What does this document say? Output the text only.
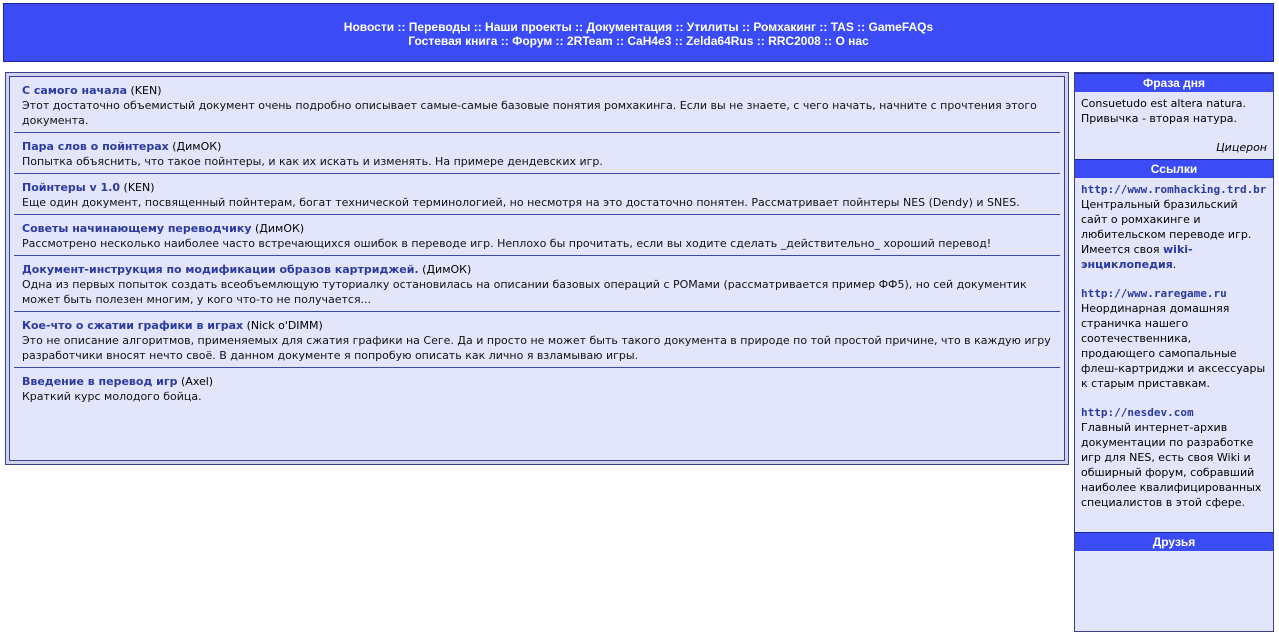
Новости :: Переводы :: Наши проекты :: Документация :: Утилиты :: Ромхакинг :: TAS :: GameFAQs
Гостевая книга :: Форум :: 2RTeam :: CaH4e3 :: Zelda64Rus :: RRC2008 :: О нас
С самого начала (KEN)
Этот достаточно объемистый документ очень подробно описывает самые-самые базовые понятия ромхакинга. Если вы не знаете, с чего начать, начните с прочтения этого документа.
Пара слов о пойнтерах (ДимОК)
Попытка объяснить, что такое пойнтеры, и как их искать и изменять. На примере дендевских игр.
Пойнтеры v 1.0 (KEN)
Еще один документ, посвященный пойнтерам, богат технической терминологией, но несмотря на это достаточно понятен. Рассматривает пойнтеры NES (Dendy) и SNES.
Советы начинающему переводчику (ДимОК)
Рассмотрено несколько наиболее часто встречающихся ошибок в переводе игр. Неплохо бы прочитать, если вы ходите сделать _действительно_ хороший перевод!
Документ-инструкция по модификации образов картриджей. (ДимОК)
Одна из первых попыток создать всеобъемлющую туториалку остановилась на описании базовых операций с РОМами (рассматривается пример ФФ5), но сей документик может быть полезен многим, у кого что-то не получается...
Кое-что о сжатии графики в играх (Nick o'DIMM)
Это не описание алгоритмов, применяемых для сжатия графики на Сеге. Да и просто не может быть такого документа в природе по той простой причине, что в каждую игру разработчики вносят нечто своё. В данном документе я попробую описать как лично я взламываю игры.
Введение в перевод игр (Axel)
Краткий курс молодого бойца.
Фраза дня
Consuetudo est altera natura. Привычка - вторая натура.
Цицерон
Ссылки
http://www.romhacking.trd.br
Центральный бразильский сайт о ромхакинге и любительском переводе игр. Имеется своя wiki-энциклопедия.
http://www.raregame.ru
Неординарная домашняя страничка нашего соотечественника, продающего самопальные флеш-картриджи и аксессуары к старым приставкам.
http://nesdev.com
Главный интернет-архив документации по разработке игр для NES, есть своя Wiki и обширный форум, собравший наиболее квалифицированных специалистов в этой сфере.
Друзья
